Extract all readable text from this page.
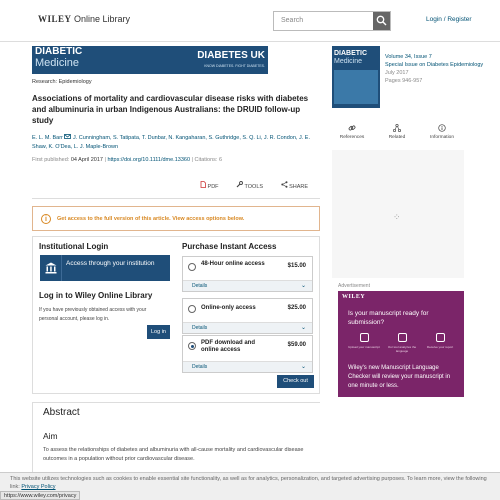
WILEY Online Library	Search	Login / Register
DIABETIC
Medicine
DIABETES UK
KNOW DIABETES. FIGHT DIABETES.
Research: Epidemiology
Associations of mortality and cardiovascular disease risks with diabetes and albuminuria in urban Indigenous Australians: the DRUID follow-up study
E. L. M. Barr J. Cunningham, S. Tatipata, T. Dunbar, N. Kangaharan, S. Guthridge, S. Q. Li, J. R. Condon, J. E. Shaw, K. O'Dea, L. J. Maple-Brown
First published: 04 April 2017 | https://doi.org/10.1111/dme.13360 | Citations: 6
PDF	TOOLS	SHARE
i	Get access to the full version of this article. View access options below.
Institutional Login
Access through your institution
Log in to Wiley Online Library
If you have previously obtained access with your personal account, please log in.
Log in
Purchase Instant Access
48-Hour online access	$15.00
Details	⌄
Online-only access	$25.00
Details	⌄
PDF download and online access
$59.00
Details	⌄
Check out
Abstract
Aim
To assess the relationships of diabetes and albuminuria with all-cause mortality and cardiovascular disease outcomes in a population without prior cardiovascular disease.
DIABETIC
Medicine
Volume 34, Issue 7
Special Issue on Diabetes Epidemiology
July 2017
Pages 946-957
References	Related	Information
⁘
Advertisement
WILEY
Is your manuscript ready for submission?
Upload your manuscript	Our tool analyzes the language
Receive your report
Wiley's new Manuscript Language Checker will review your manuscript in one minute or less.
This website utilizes technologies such as cookies to enable essential site functionality, as well as for analytics, personalization, and targeted advertising purposes. To learn more, view the following link: Privacy Policy
https://www.wiley.com/privacy
